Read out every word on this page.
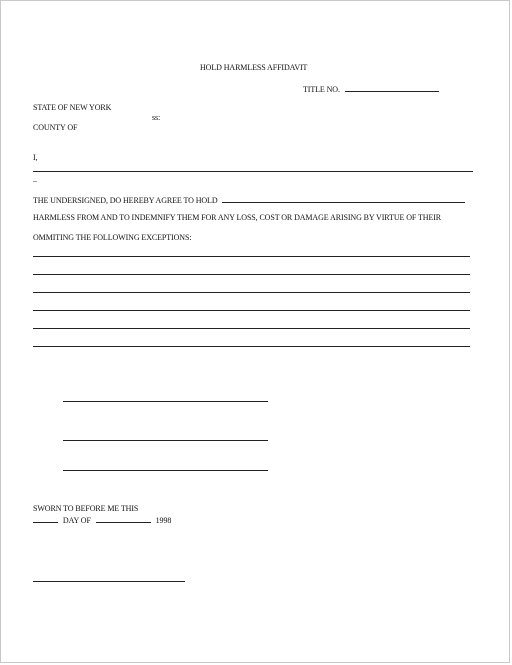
HOLD HARMLESS AFFIDAVIT
TITLE NO.
STATE OF NEW YORK
ss:
COUNTY OF
I,
–
THE UNDERSIGNED, DO HEREBY AGREE TO HOLD
HARMLESS FROM AND TO INDEMNIFY THEM FOR ANY LOSS, COST OR DAMAGE ARISING BY VIRTUE OF THEIR
OMMITING THE FOLLOWING EXCEPTIONS:
SWORN TO BEFORE ME THIS
DAY OF	1998
